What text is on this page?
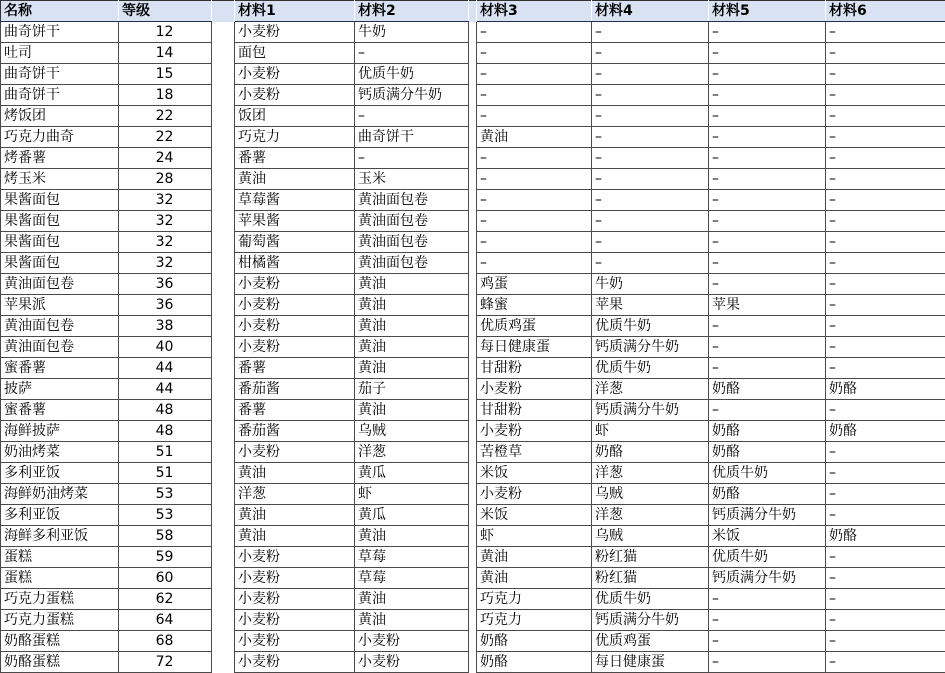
名称	等级		材料1	材料2		材料3	材料4	材料5	材料6
曲奇饼干	12		小麦粉	牛奶		–	–	–	–
吐司	14		面包	–		–	–	–	–
曲奇饼干	15		小麦粉	优质牛奶		–	–	–	–
曲奇饼干	18		小麦粉	钙质满分牛奶		–	–	–	–
烤饭团	22		饭团	–		–	–	–	–
巧克力曲奇	22		巧克力	曲奇饼干		黄油	–	–	–
烤番薯	24		番薯	–		–	–	–	–
烤玉米	28		黄油	玉米		–	–	–	–
果酱面包	32		草莓酱	黄油面包卷		–	–	–	–
果酱面包	32		苹果酱	黄油面包卷		–	–	–	–
果酱面包	32		葡萄酱	黄油面包卷		–	–	–	–
果酱面包	32		柑橘酱	黄油面包卷		–	–	–	–
黄油面包卷	36		小麦粉	黄油		鸡蛋	牛奶	–	–
苹果派	36		小麦粉	黄油		蜂蜜	苹果	苹果	–
黄油面包卷	38		小麦粉	黄油		优质鸡蛋	优质牛奶	–	–
黄油面包卷	40		小麦粉	黄油		每日健康蛋	钙质满分牛奶	–	–
蜜番薯	44		番薯	黄油		甘甜粉	优质牛奶	–	–
披萨	44		番茄酱	茄子		小麦粉	洋葱	奶酪	奶酪
蜜番薯	48		番薯	黄油		甘甜粉	钙质满分牛奶	–	–
海鲜披萨	48		番茄酱	乌贼		小麦粉	虾	奶酪	奶酪
奶油烤菜	51		小麦粉	洋葱		苦橙草	奶酪	奶酪	–
多利亚饭	51		黄油	黄瓜		米饭	洋葱	优质牛奶	–
海鲜奶油烤菜	53		洋葱	虾		小麦粉	乌贼	奶酪	–
多利亚饭	53		黄油	黄瓜		米饭	洋葱	钙质满分牛奶	–
海鲜多利亚饭	58		黄油	黄油		虾	乌贼	米饭	奶酪
蛋糕	59		小麦粉	草莓		黄油	粉红猫	优质牛奶	–
蛋糕	60		小麦粉	草莓		黄油	粉红猫	钙质满分牛奶	–
巧克力蛋糕	62		小麦粉	黄油		巧克力	优质牛奶	–	–
巧克力蛋糕	64		小麦粉	黄油		巧克力	钙质满分牛奶	–	–
奶酪蛋糕	68		小麦粉	小麦粉		奶酪	优质鸡蛋	–	–
奶酪蛋糕	72		小麦粉	小麦粉		奶酪	每日健康蛋	–	–
